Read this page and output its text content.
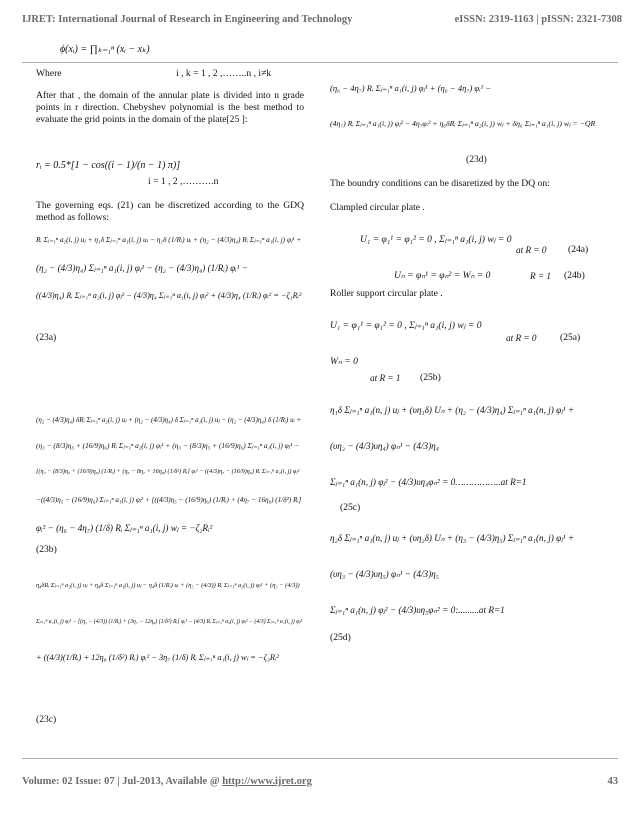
IJRET: International Journal of Research in Engineering and Technology	eISSN: 2319-1163 | pISSN: 2321-7308
ϕ(xᵢ) = ∏ₖ₌₁ⁿ (xᵢ − xₖ)
Where	i , k = 1 , 2 ,……..n , i≠k
After that , the domain of the annular plate is divided into n grade points in r direction. Chebyshev polynomial is the best method to evaluate the grid points in the domain of the plate[25 ]:
rᵢ = 0.5*[1 − cos((i − 1)/(n − 1) π)]
i = 1 , 2 ,……….n
The governing eqs. (21) can be discretized according to the GDQ method as follows:
Rᵢ Σⱼ₌₁ⁿ a₂(i, j) uⱼ + η₁δ Σⱼ₌₁ⁿ a₁(i, j) uⱼ − η₁δ (1/Rᵢ) uᵢ + (η₂ − (4/3)η₄) Rᵢ Σⱼ₌₁ⁿ a₁(i, j) φⱼ¹ +
(η₂ − (4/3)η₄) Σⱼ₌₁ⁿ a₁(i, j) φⱼ¹ − (η₂ − (4/3)η₄) (1/Rᵢ) φᵢ¹ −
((4/3)η₄) Rᵢ Σⱼ₌₁ⁿ a₂(i, j) φⱼ² − (4/3)η₄ Σⱼ₌₁ⁿ a₁(i, j) φⱼ² + (4/3)η₄ (1/Rᵢ) φᵢ² = −ζ₁Rᵢ²
(23a)
(η₂ − (4/3)η₄) δRᵢ Σⱼ₌₁ⁿ a₂(i, j) uⱼ + (η₂ − (4/3)η₄) δ Σⱼ₌₁ⁿ a₁(i, j) uⱼ − (η₂ − (4/3)η₄) δ (1/Rᵢ) uᵢ +
(η₃ − (8/3)η₅ + (16/9)η₆) Rᵢ Σⱼ₌₁ⁿ a₂(i, j) φⱼ¹ + (η₃ − (8/3)η₅ + (16/9)η₆) Σⱼ₌₁ⁿ a₁(i, j) φⱼ¹ −
[(η₃ − (8/3)η₅ + (16/9)η₆) (1/Rᵢ) + (η₆ − 8η₇ + 16η₈) (1/δ²) Rᵢ] φᵢ¹ − ((4/3)η₅ − (16/9)η₆) Rᵢ Σⱼ₌₁ⁿ a₂(i, j) φⱼ²
−((4/3)η₅ − (16/9)η₆) Σⱼ₌₁ⁿ a₁(i, j) φⱼ² + [((4/3)η₅ − (16/9)η₆) (1/Rᵢ) + (4η₇ − 16η₈) (1/δ²) Rᵢ]
φᵢ² − (η₆ − 4η₇) (1/δ) Rᵢ Σⱼ₌₁ⁿ a₁(i, j) wⱼ = −ζ₂Rᵢ²
(23b)
η₄δRᵢ Σⱼ₌₁ⁿ a₂(i, j) uⱼ + η₄δ Σⱼ₌₁ⁿ a₁(i, j) uⱼ − η₄δ (1/Rᵢ) uᵢ + (η₅ − (4/3)) Rᵢ Σⱼ₌₁ⁿ a₂(i, j) φⱼ¹ + (η₅ − (4/3))
Σⱼ₌₁ⁿ a₁(i, j) φⱼ¹ − [(η₅ − (4/3)) (1/Rᵢ) + (3η₇ − 12η₈) (1/δ²) Rᵢ] φᵢ¹ − (4/3) Rᵢ Σⱼ₌₁ⁿ a₂(i, j) φⱼ² − (4/3) Σⱼ₌₁ⁿ a₁(i, j) φⱼ²
+ ((4/3)(1/Rᵢ) + 12η₈ (1/δ²) Rᵢ) φᵢ² − 3η₇ (1/δ) Rᵢ Σⱼ₌₁ⁿ a₁(i, j) wⱼ = −ζ₃Rᵢ²
(23c)
(η₆ − 4η₇) Rᵢ Σⱼ₌₁ⁿ a₁(i, j) φⱼ¹ + (η₆ − 4η₇) φᵢ¹ −
(4η₇) Rᵢ Σⱼ₌₁ⁿ a₁(i, j) φⱼ² − 4η₇φᵢ² + η₆δRᵢ Σⱼ₌₁ⁿ a₂(i, j) wⱼ + δη₆ Σⱼ₌₁ⁿ a₁(i, j) wⱼ = −QR
(23d)
The boundry conditions can be disaretized by the DQ on:
Clampled circular plate .
U₁ = φ₁¹ = φ₁² = 0 , Σⱼ₌₁ⁿ a₁(i, j) wⱼ = 0
at R = 0 (24a)
Uₙ = φₙ¹ = φₙ² = Wₙ = 0	R = 1 (24b)
Roller support circular plate .
U₁ = φ₁¹ = φ₁² = 0 , Σⱼ₌₁ⁿ a₁(i, j) wⱼ = 0
at R = 0 (25a)
Wₙ = 0
at R = 1 (25b)
η₁δ Σⱼ₌₁ⁿ a₁(n, j) uⱼ + (υη₁δ) Uₙ + (η₂ − (4/3)η₄) Σⱼ₌₁ⁿ a₁(n, j) φⱼ¹ +
(υη₂ − (4/3)υη₄) φₙ¹ − (4/3)η₄
Σⱼ₌₁ⁿ a₁(n, j) φⱼ² − (4/3)υη₄φₙ² = 0……………..at R=1
(25c)
η₂δ Σⱼ₌₁ⁿ a₁(n, j) uⱼ + (υη₂δ) Uₙ + (η₃ − (4/3)η₅) Σⱼ₌₁ⁿ a₁(n, j) φⱼ¹ +
(υη₃ − (4/3)υη₅) φₙ¹ − (4/3)η₅
Σⱼ₌₁ⁿ a₁(n, j) φⱼ² − (4/3)υη₅φₙ² = 0:.........at R=1
(25d)
Volume: 02 Issue: 07 | Jul-2013, Available @ http://www.ijret.org	43
